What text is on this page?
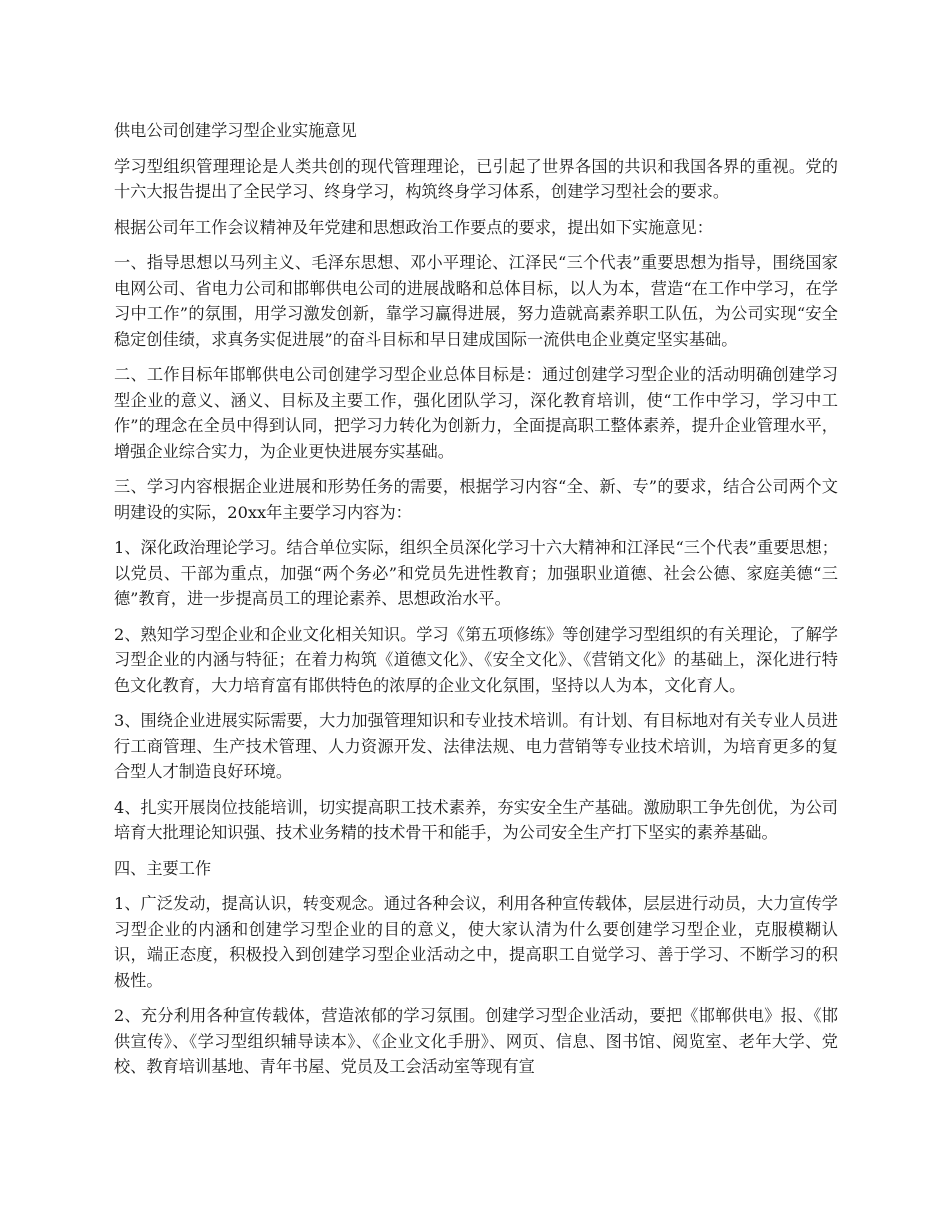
供电公司创建学习型企业实施意见

学习型组织管理理论是人类共创的现代管理理论，已引起了世界各国的共识和我国各界的重视。党的十六大报告提出了全民学习、终身学习，构筑终身学习体系，创建学习型社会的要求。

根据公司年工作会议精神及年党建和思想政治工作要点的要求，提出如下实施意见：

一、指导思想以马列主义、毛泽东思想、邓小平理论、江泽民“三个代表”重要思想为指导，围绕国家电网公司、省电力公司和邯郸供电公司的进展战略和总体目标，以人为本，营造“在工作中学习，在学习中工作”的氛围，用学习激发创新，靠学习赢得进展，努力造就高素养职工队伍，为公司实现“安全稳定创佳绩，求真务实促进展”的奋斗目标和早日建成国际一流供电企业奠定坚实基础。

二、工作目标年邯郸供电公司创建学习型企业总体目标是：通过创建学习型企业的活动明确创建学习型企业的意义、涵义、目标及主要工作，强化团队学习，深化教育培训，使“工作中学习，学习中工作”的理念在全员中得到认同，把学习力转化为创新力，全面提高职工整体素养，提升企业管理水平，增强企业综合实力，为企业更快进展夯实基础。

三、学习内容根据企业进展和形势任务的需要，根据学习内容“全、新、专”的要求，结合公司两个文明建设的实际，20xx年主要学习内容为：

1、深化政治理论学习。结合单位实际，组织全员深化学习十六大精神和江泽民“三个代表”重要思想；以党员、干部为重点，加强“两个务必”和党员先进性教育；加强职业道德、社会公德、家庭美德“三德”教育，进一步提高员工的理论素养、思想政治水平。

2、熟知学习型企业和企业文化相关知识。学习《第五项修练》等创建学习型组织的有关理论，了解学习型企业的内涵与特征；在着力构筑《道德文化》、《安全文化》、《营销文化》的基础上，深化进行特色文化教育，大力培育富有邯供特色的浓厚的企业文化氛围，坚持以人为本，文化育人。

3、围绕企业进展实际需要，大力加强管理知识和专业技术培训。有计划、有目标地对有关专业人员进行工商管理、生产技术管理、人力资源开发、法律法规、电力营销等专业技术培训，为培育更多的复合型人才制造良好环境。

4、扎实开展岗位技能培训，切实提高职工技术素养，夯实安全生产基础。激励职工争先创优，为公司培育大批理论知识强、技术业务精的技术骨干和能手，为公司安全生产打下坚实的素养基础。

四、主要工作

1、广泛发动，提高认识，转变观念。通过各种会议，利用各种宣传载体，层层进行动员，大力宣传学习型企业的内涵和创建学习型企业的目的意义，使大家认清为什么要创建学习型企业，克服模糊认识，端正态度，积极投入到创建学习型企业活动之中，提高职工自觉学习、善于学习、不断学习的积极性。

2、充分利用各种宣传载体，营造浓郁的学习氛围。创建学习型企业活动，要把《邯郸供电》报、《邯供宣传》、《学习型组织辅导读本》、《企业文化手册》、网页、信息、图书馆、阅览室、老年大学、党校、教育培训基地、青年书屋、党员及工会活动室等现有宣
